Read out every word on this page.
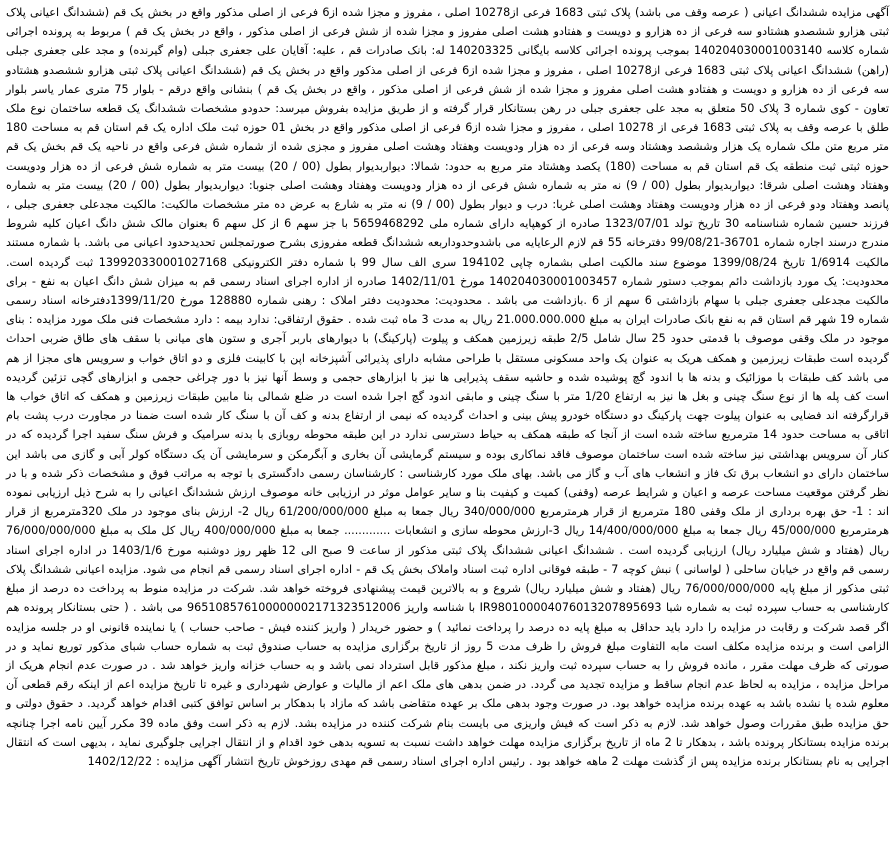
آگهی مزایده ششدانگ اعیانی ( عرصه وقف می باشد) پلاک ثبتی 1683 فرعی از10278 اصلی ، مفروز و مجزا شده از6 فرعی از اصلی مذکور واقع در بخش یک قم (ششدانگ اعیانی پلاک ثبتی هزارو ششصدو هشتادو سه فرعی از ده هزارو و دویست و هفتادو هشت اصلی مفروز و مجزا شده از شش فرعی از اصلی مذکور ، واقع در بخش یک قم ) مربوط به پرونده اجرائی شماره کلاسه 140204030001003140 بموجب پرونده اجرائی کلاسه بایگانی 140203325 له: بانک صادرات قم ، علیه: آقایان علی جعفری جبلی (وام گیرنده) و مجد علی جعفری جبلی (راهن) ششدانگ اعیانی پلاک ثبتی 1683 فرعی از10278 اصلی ، مفروز و مجزا شده از6 فرعی از اصلی مذکور واقع در بخش یک قم (ششدانگ اعیانی پلاک ثبتی هزارو ششصدو هشتادو سه فرعی از ده هزارو و دویست و هفتادو هشت اصلی مفروز و مجزا شده از شش فرعی از اصلی مذکور ، واقع در بخش یک قم ) بنشانی واقع درقم - بلوار 75 متری عمار یاسر بلوار تعاون - کوی شماره 3 پلاک 50 متعلق به مجد علی جعفری جبلی در رهن بستانکار قرار گرفته و از طریق مزایده بفروش میرسد: حدودو مشخصات ششدانگ یک قطعه ساختمان نوع ملک طلق با عرصه وقف به پلاک ثبتی 1683 فرعی از 10278 اصلی ، مفروز و مجزا شده از6 فرعی از اصلی مذکور واقع در بخش 01 حوزه ثبت ملک اداره یک قم استان قم به مساحت 180 متر مربع متن ملک شماره یک هزار وششصد وهشتاد وسه فرعی از ده هزار ودویست وهفتاد وهشت اصلی مفروز و مجزی شده از شماره شش فرعی واقع در ناحیه یک قم بخش یک قم حوزه ثبتی ثبت منطقه یک قم استان قم به مساحت (180) یکصد وهشتاد متر مربع به حدود: شمالا: دیواربدیوار بطول (00 / 20) بیست متر به شماره شش فرعی از ده هزار ودویست وهفتاد وهشت اصلی شرقا: دیواربدیوار بطول (00 / 9) نه متر به شماره شش فرعی از ده هزار ودویست وهفتاد وهشت اصلی جنوبا: دیواربدیوار بطول (00 / 20) بیست متر به شماره پانصد وهفتاد ودو فرعی از ده هزار ودویست وهفتاد وهشت اصلی غربا: درب و دیوار بطول (00 / 9) نه متر به شارع به عرض ده متر مشخصات مالکیت: مالکیت مجدعلی جعفری جبلی ، فرزند حسین شماره شناسنامه 30 تاریخ تولد 1323/07/01 صادره از کوهپایه دارای شماره ملی 5659468292 با جز سهم 6 از کل سهم 6 بعنوان مالک شش دانگ اعیان کلیه شروط مندرج درسند اجاره شماره 36701-99/08/21 دفترخانه 55 قم لازم الرعایایه می باشدوحدوداربعه ششدانگ قطعه مفروزی بشرح صورتمجلس تحدیدحدود اعیانی می باشد. با شماره مستند مالکیت 1/6914 تاریخ 1399/08/24 موضوع سند مالکیت اصلی بشماره چاپی 194102 سری الف سال 99 با شماره دفتر الکترونیکی 139920330001027168 ثبت گردیده است. محدودیت: یک مورد بازداشت دائم بموجب دستور شماره 140204030001003457 مورخ 1402/11/01 صادره از اداره اجرای اسناد رسمی قم به میزان شش دانگ اعیان به نفع - برای مالکیت مجدعلی جعفری جبلی با سهام بازداشتی 6 سهم از 6 .بازداشت می باشد . محدودیت: محدودیت دفتر املاک : رهنی شماره 128880 مورخ 1399/11/20دفترخانه اسناد رسمی شماره 19 شهر قم استان قم به نفع بانک صادرات ایران به مبلغ 21.000.000.000 ریال به مدت 3 ماه ثبت شده . حقوق ارتفاقی: ندارد بیمه : دارد مشخصات فنی ملک مورد مزایده : بنای موجود در ملک وقفی موصوف با قدمتی حدود 25 سال شامل 2/5 طبقه زیرزمین همکف و پیلوت (پارکینگ) با دیوارهای باربر آجری و ستون های میانی با سقف های طاق ضربی احداث گردیده است طبقات زیرزمین و همکف هریک به عنوان یک واحد مسکونی مستقل با طراحی مشابه دارای پذیرائی آشپزخانه اپن با کابینت فلزی و دو اتاق خواب و سرویس های مجزا از هم می باشد کف طبقات با موزائیک و بدنه ها با اندود گچ پوشیده شده و حاشیه سقف پذیرایی ها نیز با ابزارهای حجمی و وسط آنها نیز با دور چراغی حجمی و ابزارهای گچی تزئین گردیده است کف پله ها از نوع سنگ چینی و بغل ها نیز به ارتفاع 1/20 متر با سنگ چینی و مابقی اندود گچ اجرا شده است در ضلع شمالی بنا مابین طبقات زیرزمین و همکف که اتاق خواب ها قرارگرفته اند فضایی به عنوان پیلوت جهت پارکینگ دو دستگاه خودرو پیش بینی و احداث گردیده که نیمی از ارتفاع بدنه و کف آن با سنگ کار شده است ضمنا در مجاورت درب پشت بام اتاقی به مساحت حدود 14 مترمربع ساخته شده است از آنجا که طبقه همکف به حیاط دسترسی ندارد در این طبقه محوطه روبازی با بدنه سرامیک و فرش سنگ سفید اجرا گردیده که در کنار آن سرویس بهداشتی نیز ساخته شده است ساختمان موصوف فاقد نماکاری بوده و سیستم گرمایشی آن بخاری و آبگرمکن و سرمایشی آن یک دستگاه کولر آبی و گازی می باشد این ساختمان دارای دو انشعاب برق تک فاز و انشعاب های آب و گاز می باشد. بهای ملک مورد کارشناسی : کارشناسان رسمی دادگستری با توجه به مراتب فوق و مشخصات ذکر شده و با در نظر گرفتن موقعیت مساحت عرصه و اعیان و شرایط عرصه (وقفی) کمیت و کیفیت بنا و سایر عوامل موثر در ارزیابی خانه موصوف ارزش ششدانگ اعیانی را به شرح ذیل ارزیابی نموده اند : 1- حق بهره برداری از ملک وقفی 180 مترمربع از قرار هرمترمربع 340/000/000 ریال جمعا به مبلغ 61/200/000/000 ریال 2- ارزش بنای موجود در ملک 320مترمربع از قرار هرمترمربع 45/000/000 ریال جمعا به مبلغ 14/400/000/000 ریال 3-ارزش محوطه سازی و انشعابات ............. جمعا به مبلغ 400/000/000 ریال کل ملک به مبلغ 76/000/000/000 ریال (هفتاد و شش میلیارد ریال) ارزیابی گردیده است . ششدانگ اعیانی ششدانگ پلاک ثبتی مذکور از ساعت 9 صبح الی 12 ظهر روز دوشنبه مورخ 1403/1/6 در اداره اجرای اسناد رسمی قم واقع در خیابان ساحلی ( لواسانی ) نبش کوچه 7 - طبقه فوقانی اداره ثبت اسناد واملاک بخش یک قم - اداره اجرای اسناد رسمی قم انجام می شود. مزایده اعیانی ششدانگ پلاک ثبتی مذکور از مبلغ پایه 76/000/000/000 ریال (هفتاد و شش میلیارد ریال) شروع و به بالاترین قیمت پیشنهادی فروخته خواهد شد. شرکت در مزایده منوط به پرداخت ده درصد از مبلغ کارشناسی به حساب سپرده ثبت به شماره شبا IR980100004076013207895693 با شناسه واریز 965108576100000002171323512006 می باشد . ( حتی بستانکار پرونده هم اگر قصد شرکت و رقابت در مزایده را دارد باید حداقل به مبلغ پایه ده درصد را پرداخت نمائید ) و حضور خریدار ( واریز کننده فیش - صاحب حساب ) یا نماینده قانونی او در جلسه مزایده الزامی است و برنده مزایده مکلف است مابه التفاوت مبلغ فروش را ظرف مدت 5 روز از تاریخ برگزاری مزایده به حساب صندوق ثبت به شماره حساب شبای مذکور توریع نماید و در صورتی که ظرف مهلت مقرر ، مانده فروش را به حساب سپرده ثبت واریز نکند ، مبلغ مذکور قابل استرداد نمی باشد و به حساب خزانه واریز خواهد شد . در صورت عدم انجام هریک از مراحل مزایده ، مزایده به لحاظ عدم انجام ساقط و مزایده تجدید می گردد. در ضمن بدهی های ملک اعم از مالیات و عوارض شهرداری و غیره تا تاریخ مزایده اعم از اینکه رقم قطعی آن معلوم شده یا نشده باشد به عهده برنده مزایده خواهد بود. در صورت وجود بدهی ملک بر عهده متقاضی باشد که مازاد با بدهکار بر اساس توافق کتبی اقدام خواهد گردید. د حقوق دولتی و حق مزایده طبق مقررات وصول خواهد شد. لازم به ذکر است که فیش واریزی می بایست بنام شرکت کننده در مزایده بشد. لازم به ذکر است وفق ماده 39 مکرر آیین نامه اجرا چنانچه برنده مزایده بستانکار پرونده باشد ، بدهکار تا 2 ماه از تاریخ برگزاری مزایده مهلت خواهد داشت نسبت به تسویه بدهی خود اقدام و از انتقال اجرایی جلوگیری نماید ، بدیهی است که انتقال اجرایی به نام بستانکار برنده مزایده پس از گذشت مهلت 2 ماهه خواهد بود . رئیس اداره اجرای اسناد رسمی قم مهدی روزخوش تاریخ انتشار آگهی مزایده : 1402/12/22
